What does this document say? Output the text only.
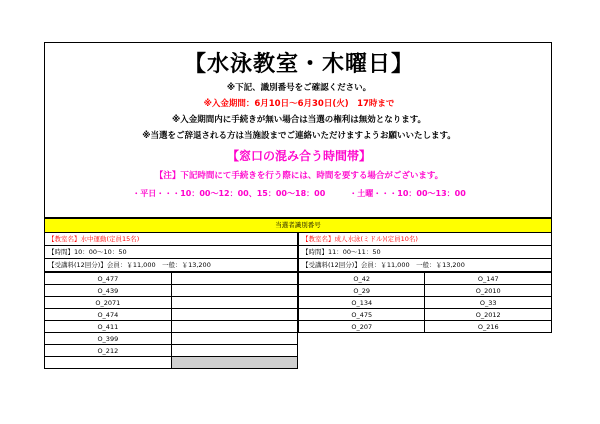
【水泳教室・木曜日】
※下記、識別番号をご確認ください。
※入金期間：6月10日～6月30日(火)　17時まで
※入金期間内に手続きが無い場合は当選の権利は無効となります。
※当選をご辞退される方は当施設までご連絡いただけますようお願いいたします。
【窓口の混み合う時間帯】
【注】下記時間にて手続きを行う際には、時間を要する場合がございます。
・平日・・・10：00～12：00、15：00～18：00	・土曜・・・10：00～13：00
当選者識別番号
【教室名】水中運動(定員15名)
【時間】10：00～10：50
【受講料(12回分)】会員：￥11,000　一般：￥13,200
O_477	
O_439	
O_2071	
O_474	
O_411	
O_399	
O_212	

【教室名】成人水泳(ミドル)(定員10名)
【時間】11：00～11：50
【受講料(12回分)】会員：￥11,000　一般：￥13,200
O_42	O_147
O_29	O_2010
O_134	O_33
O_475	O_2012
O_207	O_216
